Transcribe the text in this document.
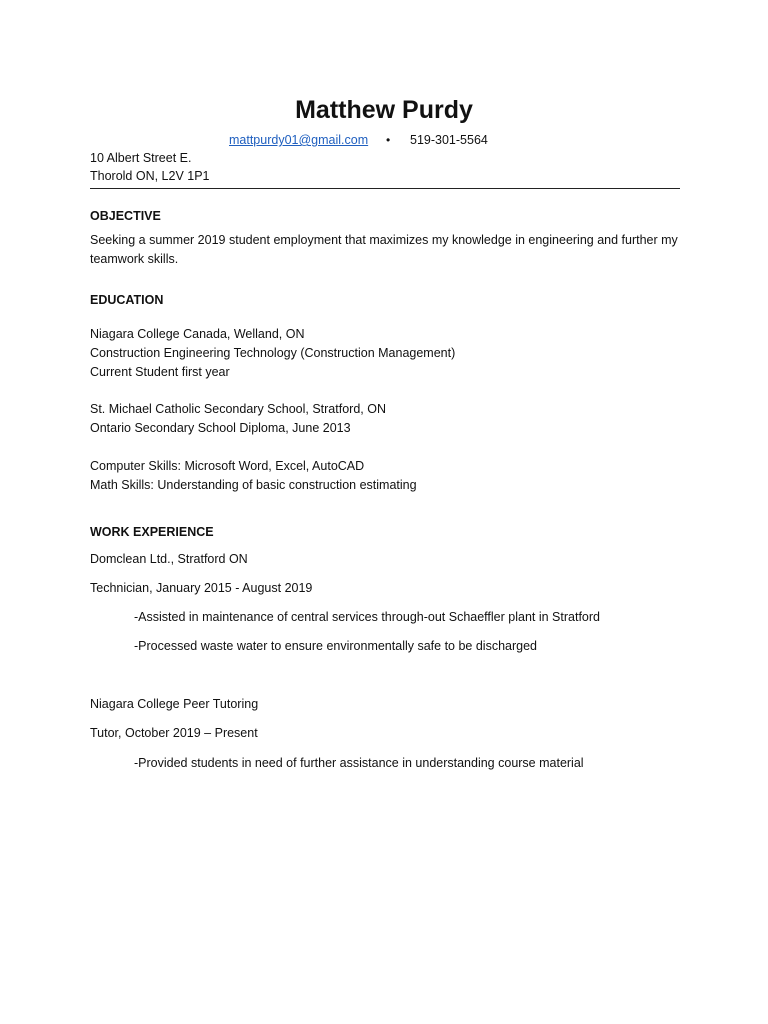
Matthew Purdy
mattpurdy01@gmail.com • 519-301-5564
10 Albert Street E.
Thorold ON, L2V 1P1
OBJECTIVE
Seeking a summer 2019 student employment that maximizes my knowledge in engineering and further my teamwork skills.
EDUCATION
Niagara College Canada, Welland, ON
Construction Engineering Technology (Construction Management)
Current Student first year
St. Michael Catholic Secondary School, Stratford, ON
Ontario Secondary School Diploma, June 2013
Computer Skills: Microsoft Word, Excel, AutoCAD
Math Skills: Understanding of basic construction estimating
WORK EXPERIENCE
Domclean Ltd., Stratford ON
Technician, January 2015 - August 2019
-Assisted in maintenance of central services through-out Schaeffler plant in Stratford
-Processed waste water to ensure environmentally safe to be discharged
Niagara College Peer Tutoring
Tutor, October 2019 – Present
-Provided students in need of further assistance in understanding course material
